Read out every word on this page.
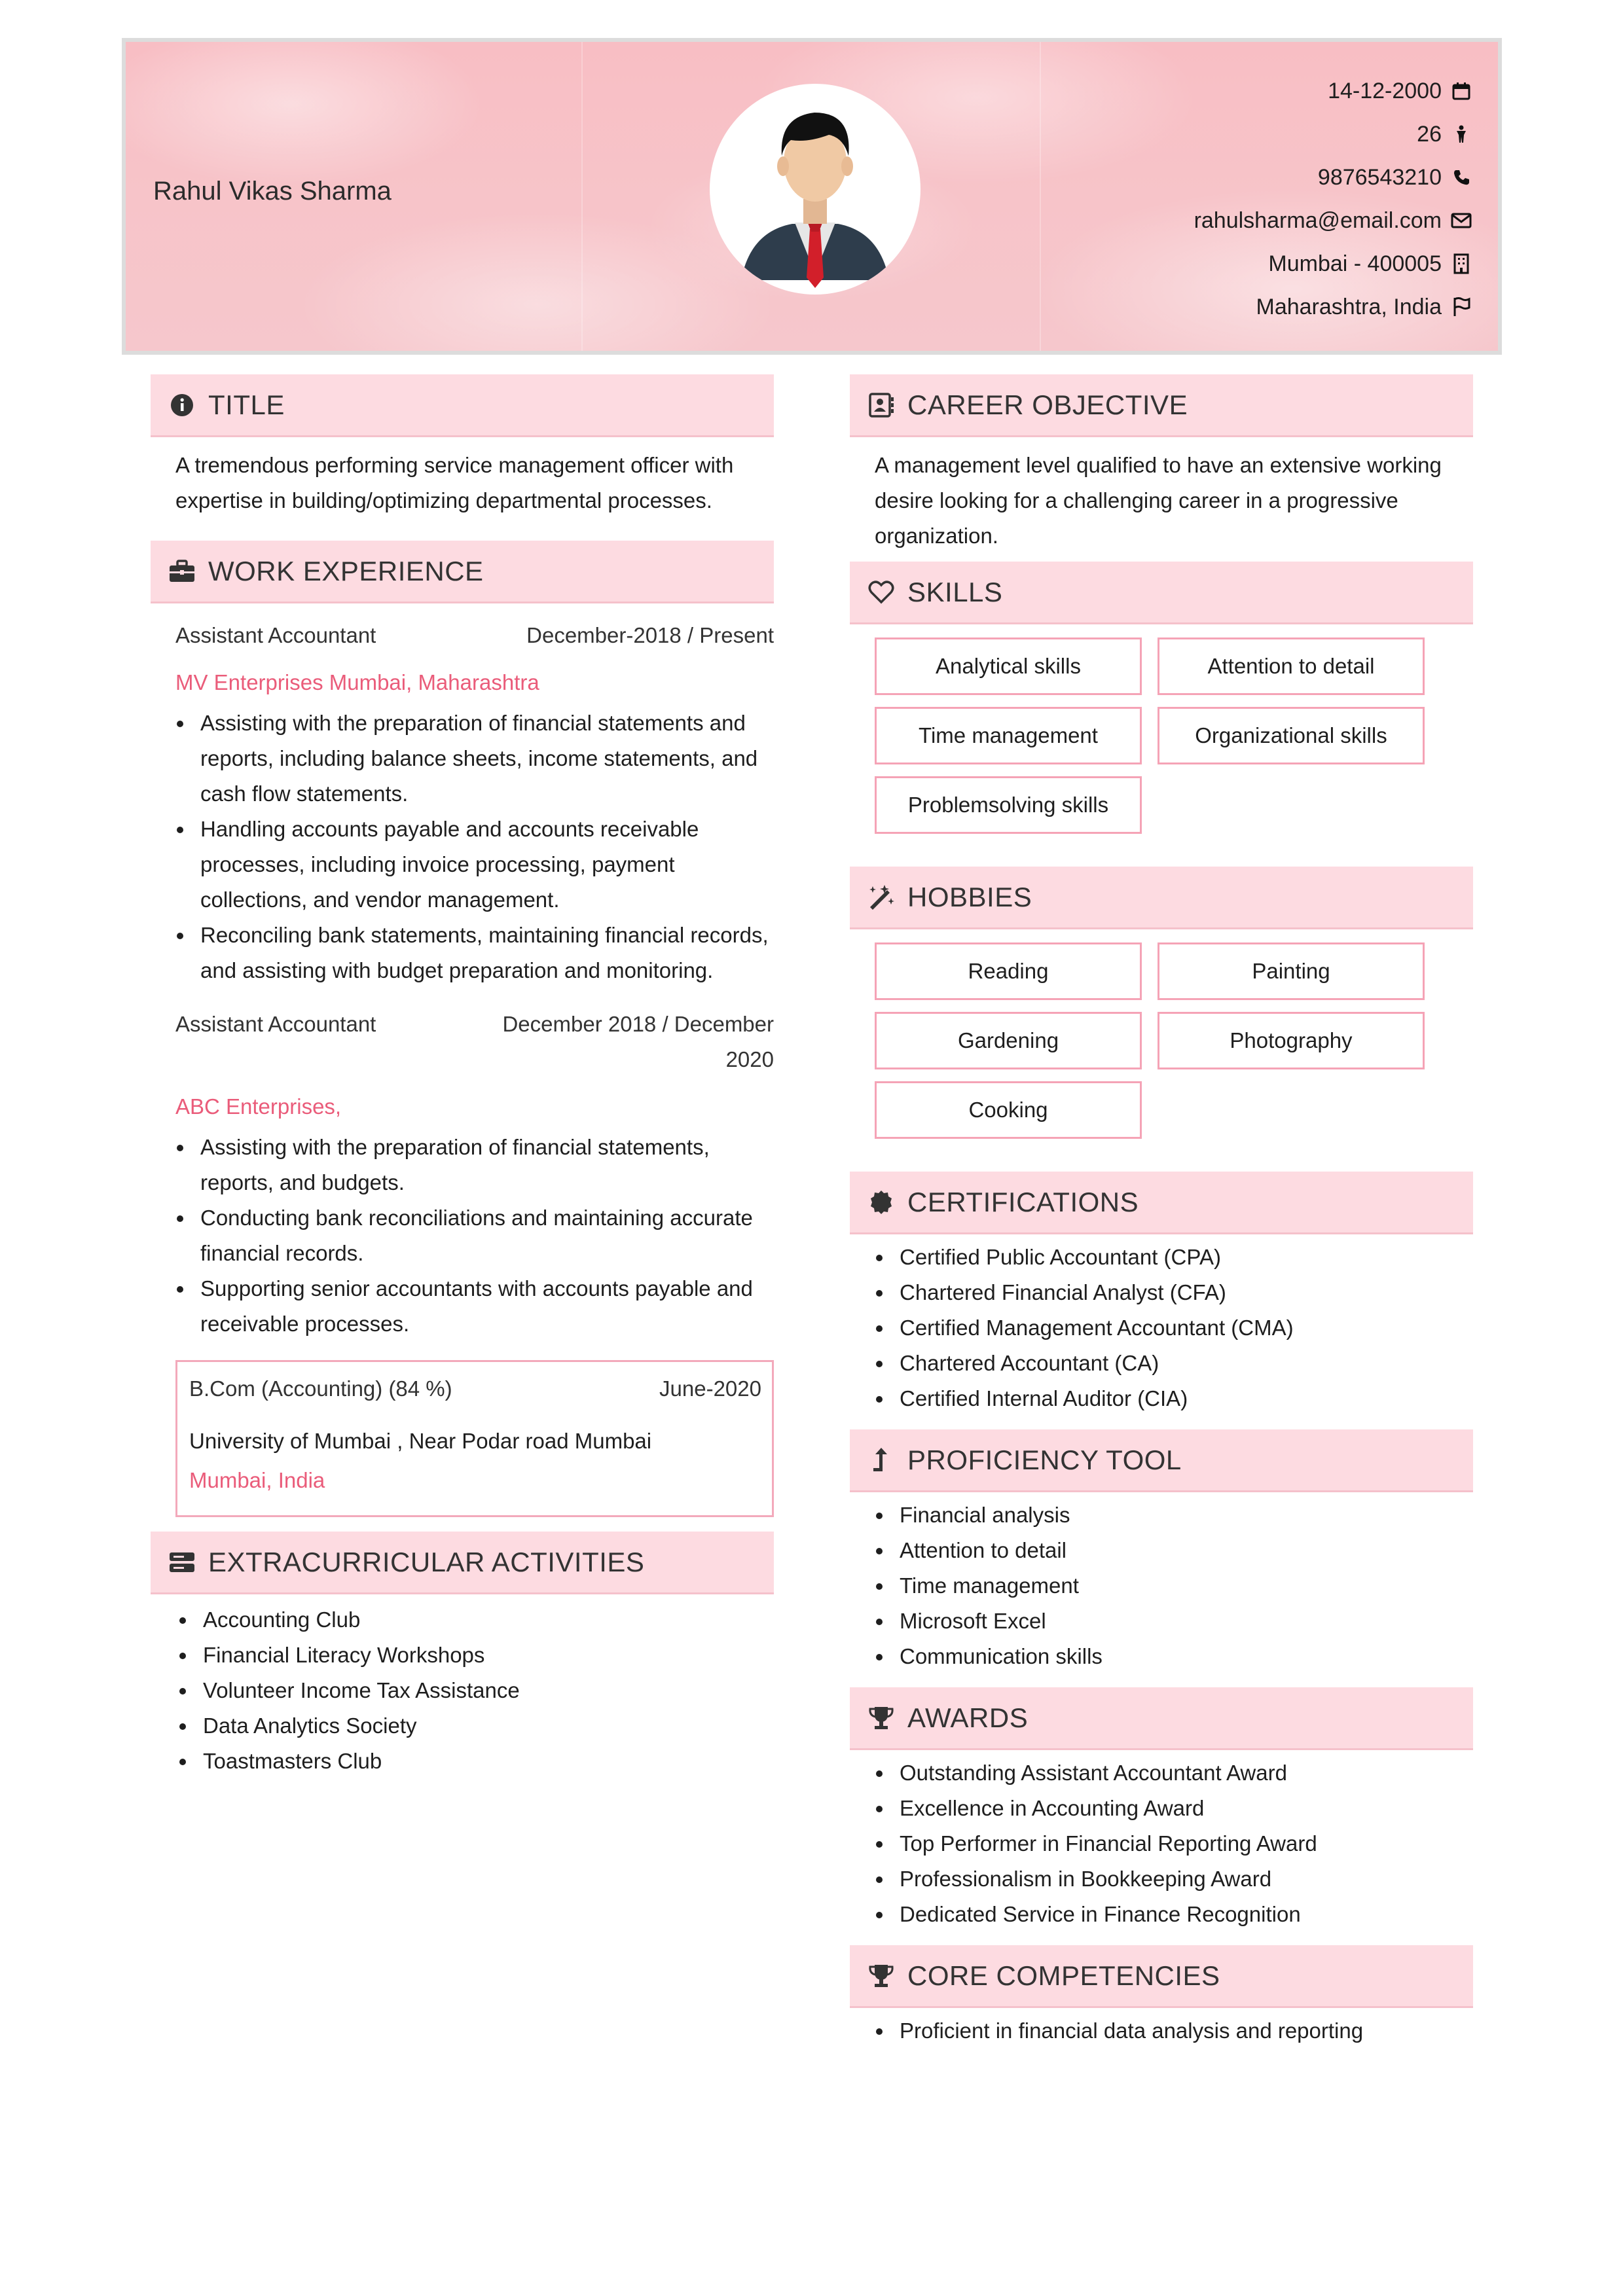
Rahul Vikas Sharma
14-12-2000
26
9876543210
rahulsharma@email.com
Mumbai - 400005
Maharashtra, India
TITLE
A tremendous performing service management officer with expertise in building/optimizing departmental processes.
WORK EXPERIENCE
Assistant Accountant	December-2018 / Present
MV Enterprises Mumbai, Maharashtra
Assisting with the preparation of financial statements and reports, including balance sheets, income statements, and cash flow statements.
Handling accounts payable and accounts receivable processes, including invoice processing, payment collections, and vendor management.
Reconciling bank statements, maintaining financial records, and assisting with budget preparation and monitoring.
Assistant Accountant	December 2018 / December 2020
ABC Enterprises,
Assisting with the preparation of financial statements, reports, and budgets.
Conducting bank reconciliations and maintaining accurate financial records.
Supporting senior accountants with accounts payable and receivable processes.
B.Com (Accounting) (84 %)	June-2020
University of Mumbai , Near Podar road Mumbai
Mumbai, India
EXTRACURRICULAR ACTIVITIES
Accounting Club
Financial Literacy Workshops
Volunteer Income Tax Assistance
Data Analytics Society
Toastmasters Club
CAREER OBJECTIVE
A management level qualified to have an extensive working desire looking for a challenging career in a progressive organization.
SKILLS
Analytical skills	Attention to detail
Time management	Organizational skills
Problemsolving skills
HOBBIES
Reading	Painting
Gardening	Photography
Cooking
CERTIFICATIONS
Certified Public Accountant (CPA)
Chartered Financial Analyst (CFA)
Certified Management Accountant (CMA)
Chartered Accountant (CA)
Certified Internal Auditor (CIA)
PROFICIENCY TOOL
Financial analysis
Attention to detail
Time management
Microsoft Excel
Communication skills
AWARDS
Outstanding Assistant Accountant Award
Excellence in Accounting Award
Top Performer in Financial Reporting Award
Professionalism in Bookkeeping Award
Dedicated Service in Finance Recognition
CORE COMPETENCIES
Proficient in financial data analysis and reporting
